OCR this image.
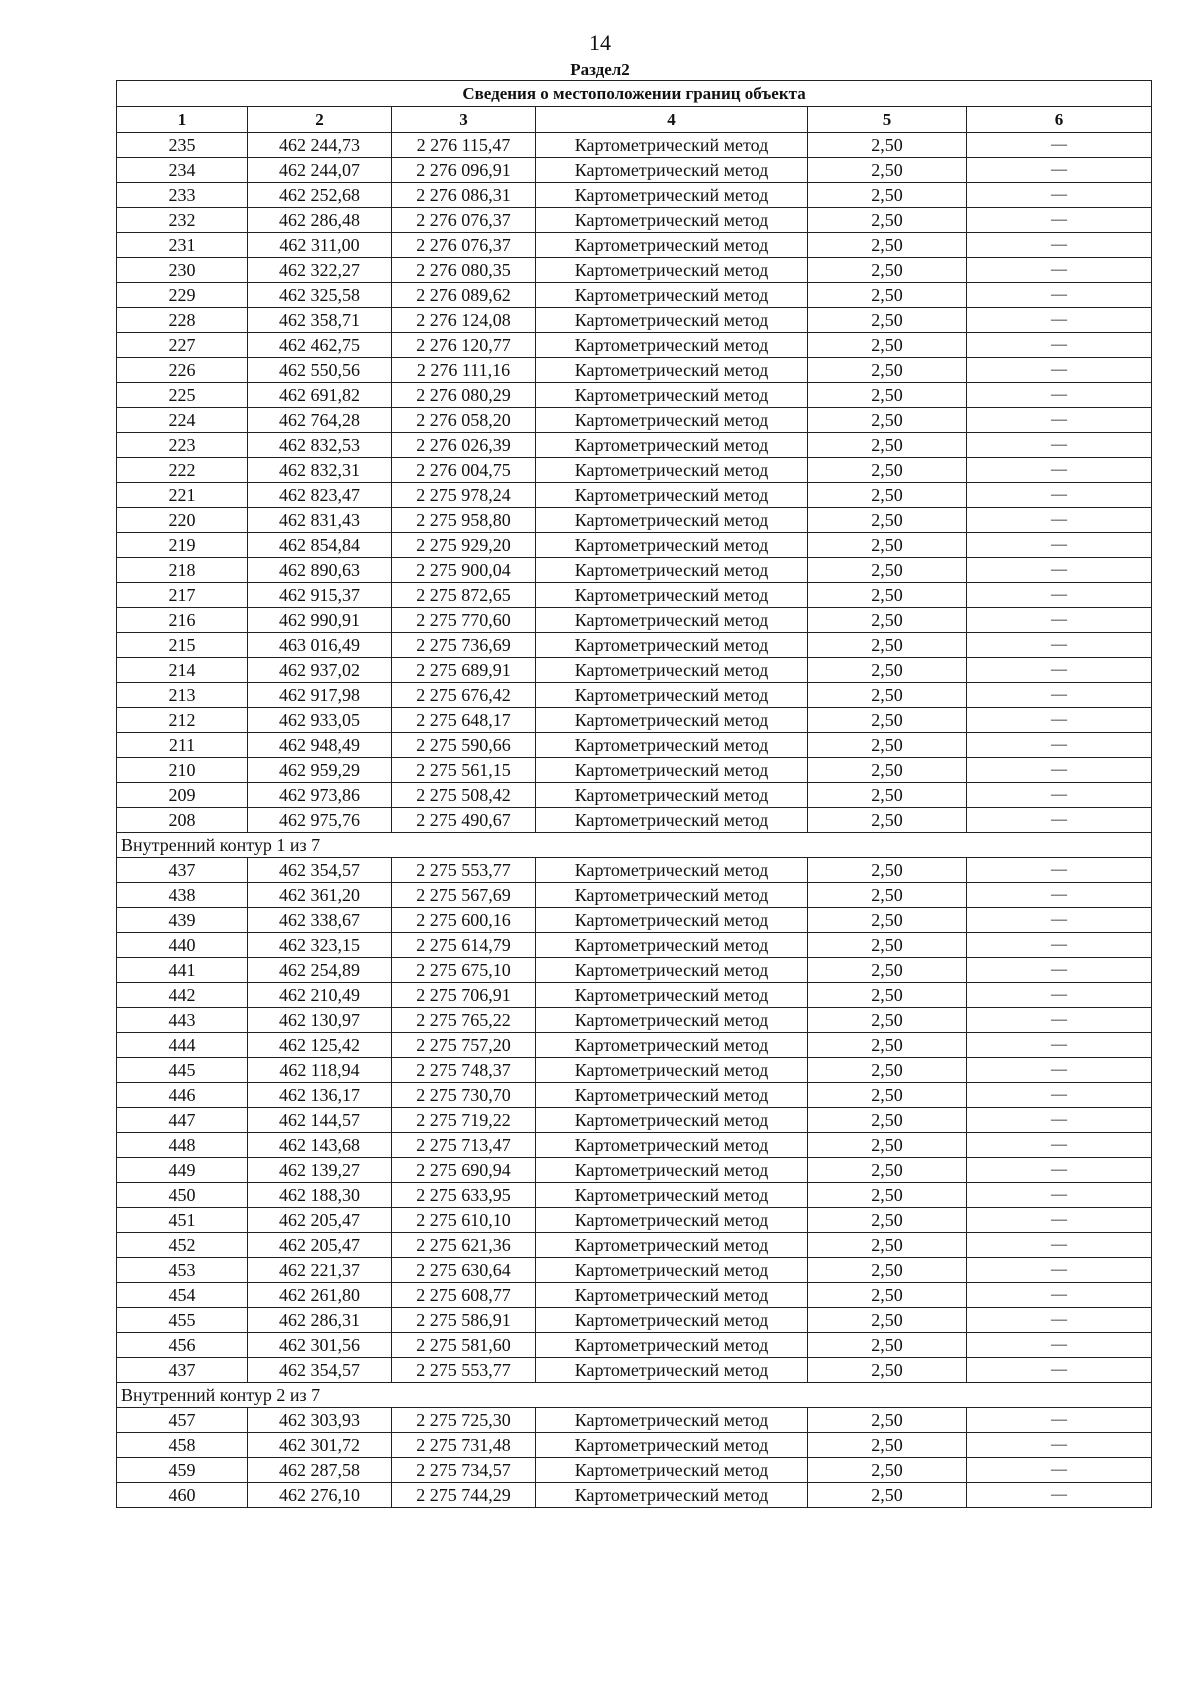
14
Раздел2
Сведения о местоположении границ объекта					
1	2	3	4	5	6
235	462 244,73	2 276 115,47	Картометрический метод	2,50	—
234	462 244,07	2 276 096,91	Картометрический метод	2,50	—
233	462 252,68	2 276 086,31	Картометрический метод	2,50	—
232	462 286,48	2 276 076,37	Картометрический метод	2,50	—
231	462 311,00	2 276 076,37	Картометрический метод	2,50	—
230	462 322,27	2 276 080,35	Картометрический метод	2,50	—
229	462 325,58	2 276 089,62	Картометрический метод	2,50	—
228	462 358,71	2 276 124,08	Картометрический метод	2,50	—
227	462 462,75	2 276 120,77	Картометрический метод	2,50	—
226	462 550,56	2 276 111,16	Картометрический метод	2,50	—
225	462 691,82	2 276 080,29	Картометрический метод	2,50	—
224	462 764,28	2 276 058,20	Картометрический метод	2,50	—
223	462 832,53	2 276 026,39	Картометрический метод	2,50	—
222	462 832,31	2 276 004,75	Картометрический метод	2,50	—
221	462 823,47	2 275 978,24	Картометрический метод	2,50	—
220	462 831,43	2 275 958,80	Картометрический метод	2,50	—
219	462 854,84	2 275 929,20	Картометрический метод	2,50	—
218	462 890,63	2 275 900,04	Картометрический метод	2,50	—
217	462 915,37	2 275 872,65	Картометрический метод	2,50	—
216	462 990,91	2 275 770,60	Картометрический метод	2,50	—
215	463 016,49	2 275 736,69	Картометрический метод	2,50	—
214	462 937,02	2 275 689,91	Картометрический метод	2,50	—
213	462 917,98	2 275 676,42	Картометрический метод	2,50	—
212	462 933,05	2 275 648,17	Картометрический метод	2,50	—
211	462 948,49	2 275 590,66	Картометрический метод	2,50	—
210	462 959,29	2 275 561,15	Картометрический метод	2,50	—
209	462 973,86	2 275 508,42	Картометрический метод	2,50	—
208	462 975,76	2 275 490,67	Картометрический метод	2,50	—
Внутренний контур 1 из 7					
437	462 354,57	2 275 553,77	Картометрический метод	2,50	—
438	462 361,20	2 275 567,69	Картометрический метод	2,50	—
439	462 338,67	2 275 600,16	Картометрический метод	2,50	—
440	462 323,15	2 275 614,79	Картометрический метод	2,50	—
441	462 254,89	2 275 675,10	Картометрический метод	2,50	—
442	462 210,49	2 275 706,91	Картометрический метод	2,50	—
443	462 130,97	2 275 765,22	Картометрический метод	2,50	—
444	462 125,42	2 275 757,20	Картометрический метод	2,50	—
445	462 118,94	2 275 748,37	Картометрический метод	2,50	—
446	462 136,17	2 275 730,70	Картометрический метод	2,50	—
447	462 144,57	2 275 719,22	Картометрический метод	2,50	—
448	462 143,68	2 275 713,47	Картометрический метод	2,50	—
449	462 139,27	2 275 690,94	Картометрический метод	2,50	—
450	462 188,30	2 275 633,95	Картометрический метод	2,50	—
451	462 205,47	2 275 610,10	Картометрический метод	2,50	—
452	462 205,47	2 275 621,36	Картометрический метод	2,50	—
453	462 221,37	2 275 630,64	Картометрический метод	2,50	—
454	462 261,80	2 275 608,77	Картометрический метод	2,50	—
455	462 286,31	2 275 586,91	Картометрический метод	2,50	—
456	462 301,56	2 275 581,60	Картометрический метод	2,50	—
437	462 354,57	2 275 553,77	Картометрический метод	2,50	—
Внутренний контур 2 из 7					
457	462 303,93	2 275 725,30	Картометрический метод	2,50	—
458	462 301,72	2 275 731,48	Картометрический метод	2,50	—
459	462 287,58	2 275 734,57	Картометрический метод	2,50	—
460	462 276,10	2 275 744,29	Картометрический метод	2,50	—
